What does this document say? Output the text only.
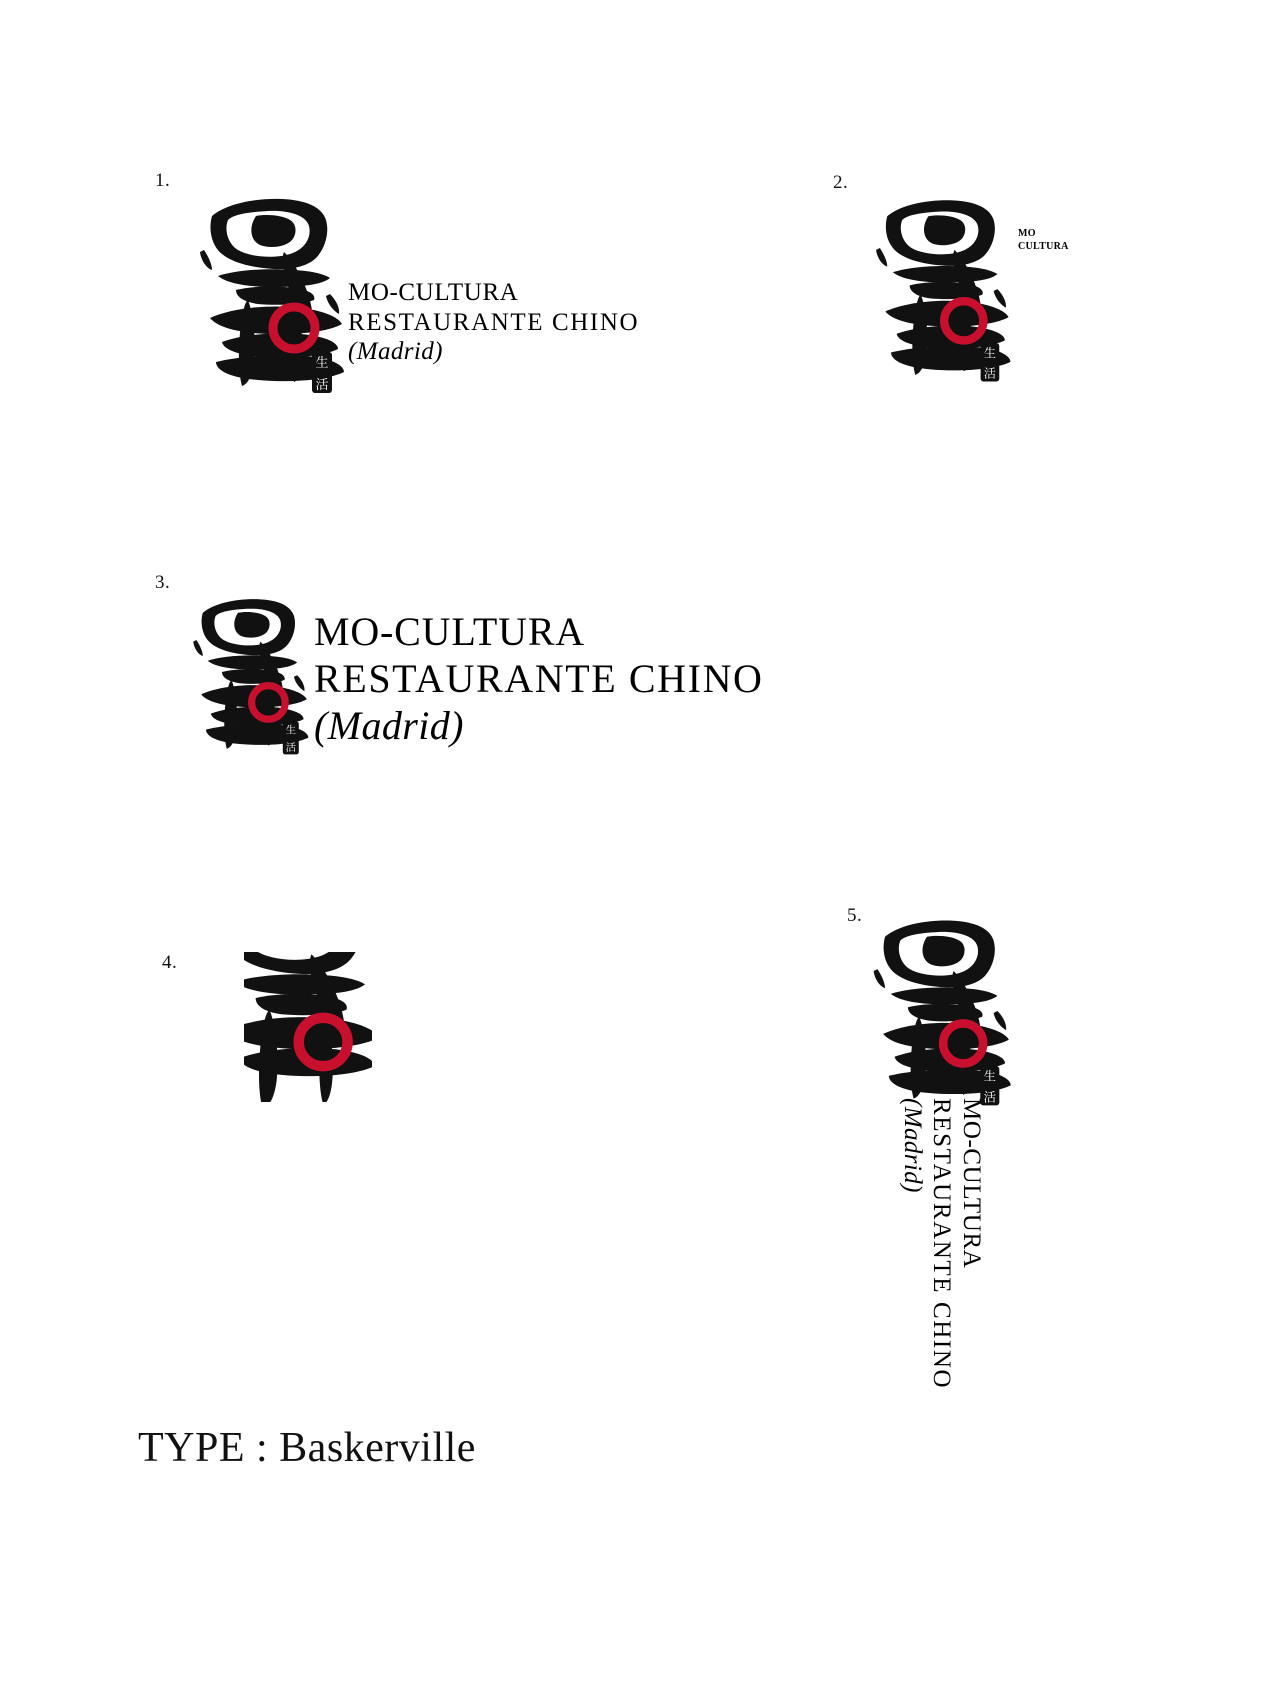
1.
生
活
MO-CULTURA
RESTAURANTE CHINO
(Madrid)
2.
生
活
MO
CULTURA
3.
生
活
MO-CULTURA
RESTAURANTE CHINO
(Madrid)
4.
5.
生
活
MO-CULTURA
RESTAURANTE CHINO
(Madrid)
TYPE : Baskerville
